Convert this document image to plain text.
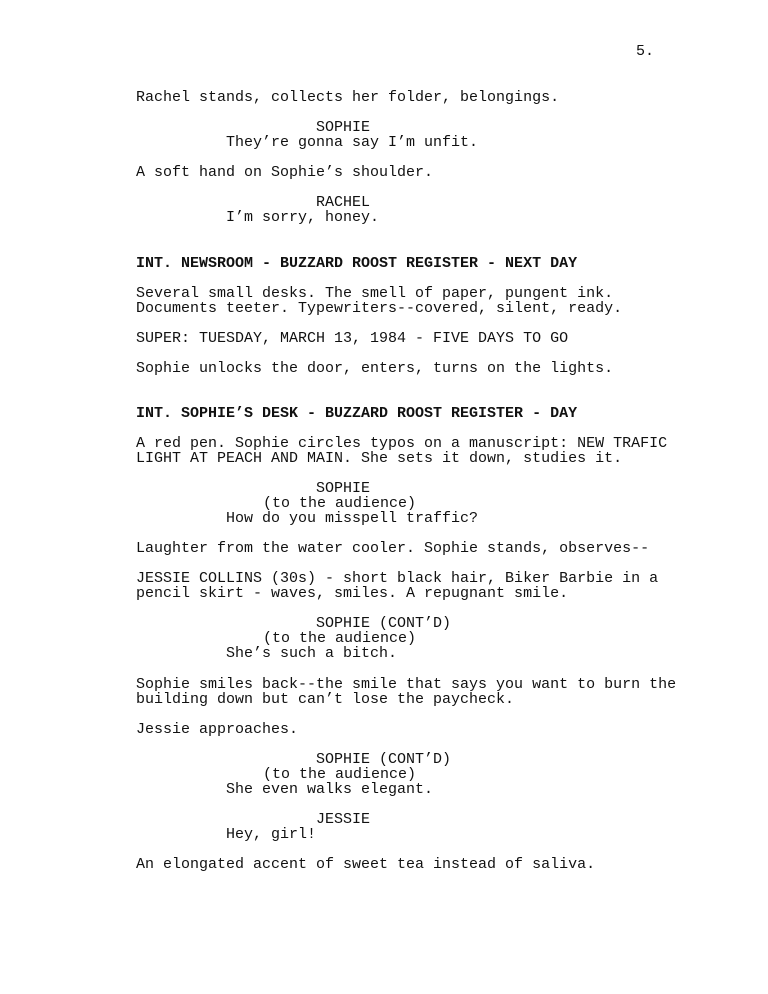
5.
Rachel stands, collects her folder, belongings.
SOPHIE
They’re gonna say I’m unfit.
A soft hand on Sophie’s shoulder.
RACHEL
I’m sorry, honey.
INT. NEWSROOM - BUZZARD ROOST REGISTER - NEXT DAY
Several small desks. The smell of paper, pungent ink.
Documents teeter. Typewriters--covered, silent, ready.
SUPER: TUESDAY, MARCH 13, 1984 - FIVE DAYS TO GO
Sophie unlocks the door, enters, turns on the lights.
INT. SOPHIE’S DESK - BUZZARD ROOST REGISTER - DAY
A red pen. Sophie circles typos on a manuscript: NEW TRAFIC
LIGHT AT PEACH AND MAIN. She sets it down, studies it.
SOPHIE
(to the audience)
How do you misspell traffic?
Laughter from the water cooler. Sophie stands, observes--
JESSIE COLLINS (30s) - short black hair, Biker Barbie in a
pencil skirt - waves, smiles. A repugnant smile.
SOPHIE (CONT’D)
(to the audience)
She’s such a bitch.
Sophie smiles back--the smile that says you want to burn the
building down but can’t lose the paycheck.
Jessie approaches.
SOPHIE (CONT’D)
(to the audience)
She even walks elegant.
JESSIE
Hey, girl!
An elongated accent of sweet tea instead of saliva.
